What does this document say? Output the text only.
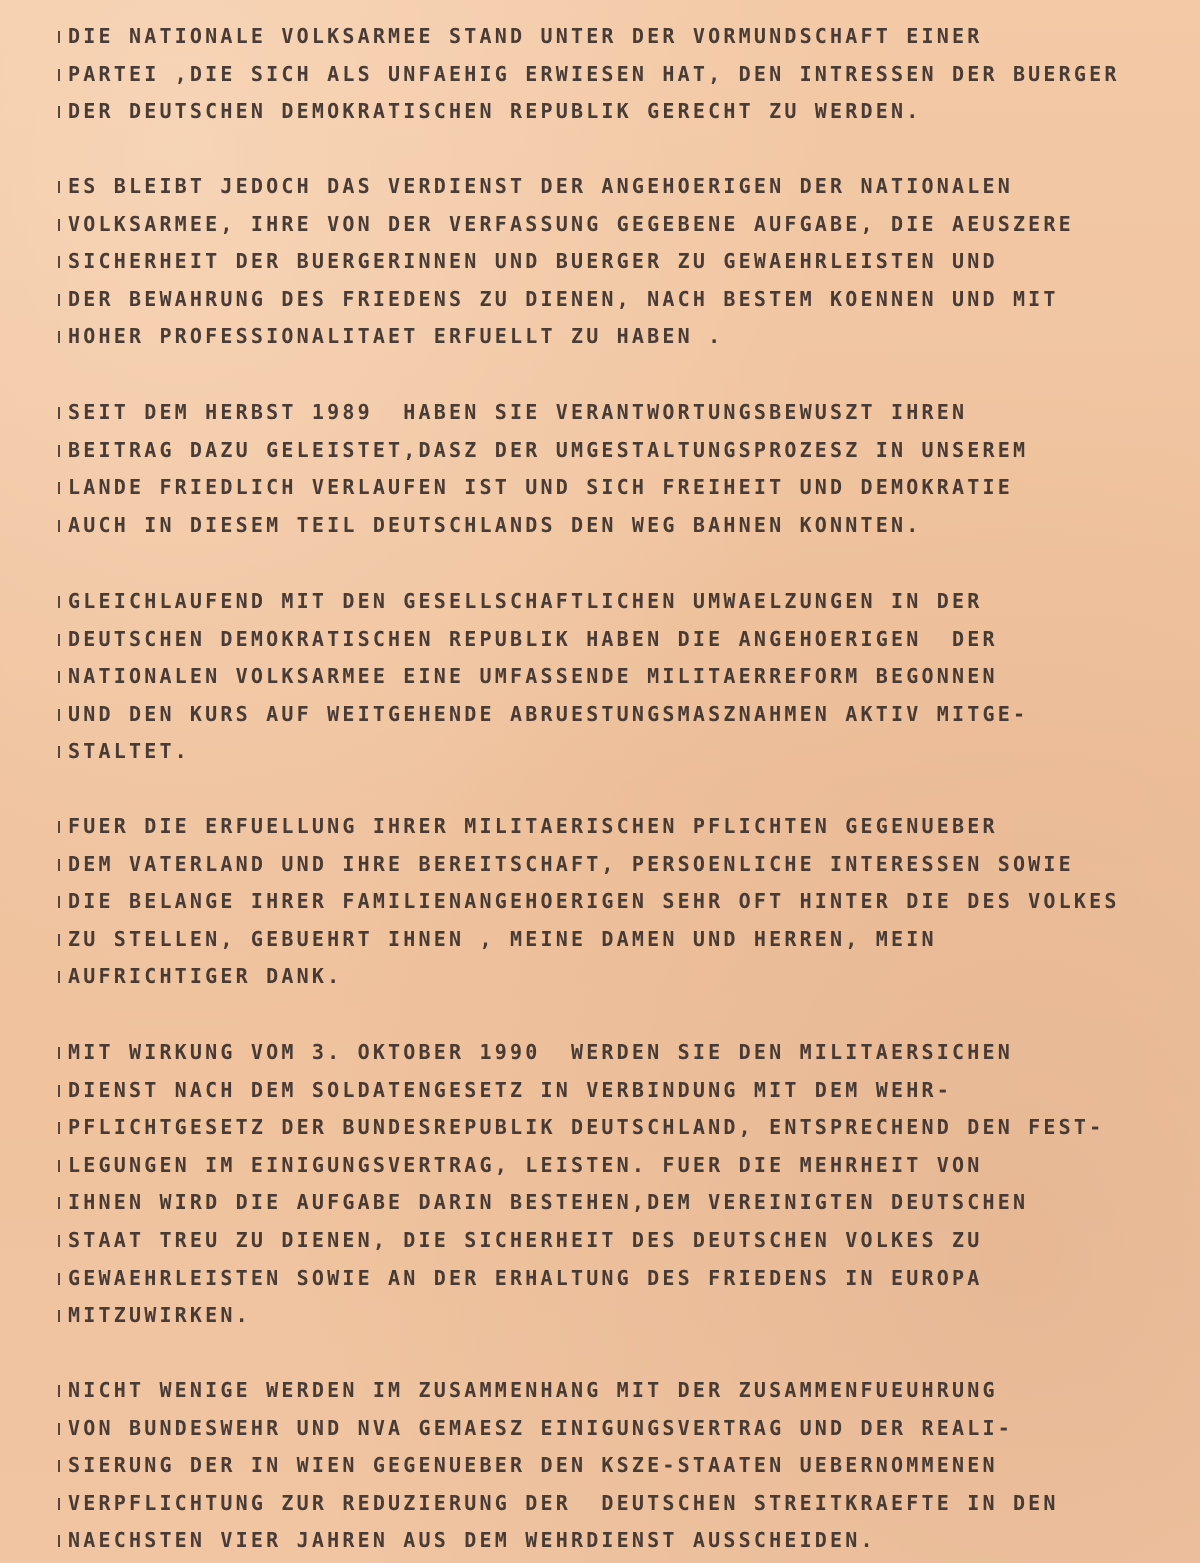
DIE NATIONALE VOLKSARMEE STAND UNTER DER VORMUNDSCHAFT EINER
PARTEI ,DIE SICH ALS UNFAEHIG ERWIESEN HAT, DEN INTRESSEN DER BUERGER
DER DEUTSCHEN DEMOKRATISCHEN REPUBLIK GERECHT ZU WERDEN.
ES BLEIBT JEDOCH DAS VERDIENST DER ANGEHOERIGEN DER NATIONALEN
VOLKSARMEE, IHRE VON DER VERFASSUNG GEGEBENE AUFGABE, DIE AEUSZERE
SICHERHEIT DER BUERGERINNEN UND BUERGER ZU GEWAEHRLEISTEN UND
DER BEWAHRUNG DES FRIEDENS ZU DIENEN, NACH BESTEM KOENNEN UND MIT
HOHER PROFESSIONALITAET ERFUELLT ZU HABEN .
SEIT DEM HERBST 1989  HABEN SIE VERANTWORTUNGSBEWUSZT IHREN
BEITRAG DAZU GELEISTET,DASZ DER UMGESTALTUNGSPROZESZ IN UNSEREM
LANDE FRIEDLICH VERLAUFEN IST UND SICH FREIHEIT UND DEMOKRATIE
AUCH IN DIESEM TEIL DEUTSCHLANDS DEN WEG BAHNEN KONNTEN.
GLEICHLAUFEND MIT DEN GESELLSCHAFTLICHEN UMWAELZUNGEN IN DER
DEUTSCHEN DEMOKRATISCHEN REPUBLIK HABEN DIE ANGEHOERIGEN  DER
NATIONALEN VOLKSARMEE EINE UMFASSENDE MILITAERREFORM BEGONNEN
UND DEN KURS AUF WEITGEHENDE ABRUESTUNGSMASZNAHMEN AKTIV MITGE-
STALTET.
FUER DIE ERFUELLUNG IHRER MILITAERISCHEN PFLICHTEN GEGENUEBER
DEM VATERLAND UND IHRE BEREITSCHAFT, PERSOENLICHE INTERESSEN SOWIE
DIE BELANGE IHRER FAMILIENANGEHOERIGEN SEHR OFT HINTER DIE DES VOLKES
ZU STELLEN, GEBUEHRT IHNEN , MEINE DAMEN UND HERREN, MEIN
AUFRICHTIGER DANK.
MIT WIRKUNG VOM 3. OKTOBER 1990  WERDEN SIE DEN MILITAERSICHEN
DIENST NACH DEM SOLDATENGESETZ IN VERBINDUNG MIT DEM WEHR-
PFLICHTGESETZ DER BUNDESREPUBLIK DEUTSCHLAND, ENTSPRECHEND DEN FEST-
LEGUNGEN IM EINIGUNGSVERTRAG, LEISTEN. FUER DIE MEHRHEIT VON
IHNEN WIRD DIE AUFGABE DARIN BESTEHEN,DEM VEREINIGTEN DEUTSCHEN
STAAT TREU ZU DIENEN, DIE SICHERHEIT DES DEUTSCHEN VOLKES ZU
GEWAEHRLEISTEN SOWIE AN DER ERHALTUNG DES FRIEDENS IN EUROPA
MITZUWIRKEN.
NICHT WENIGE WERDEN IM ZUSAMMENHANG MIT DER ZUSAMMENFUEUHRUNG
VON BUNDESWEHR UND NVA GEMAESZ EINIGUNGSVERTRAG UND DER REALI-
SIERUNG DER IN WIEN GEGENUEBER DEN KSZE-STAATEN UEBERNOMMENEN
VERPFLICHTUNG ZUR REDUZIERUNG DER  DEUTSCHEN STREITKRAEFTE IN DEN
NAECHSTEN VIER JAHREN AUS DEM WEHRDIENST AUSSCHEIDEN.
